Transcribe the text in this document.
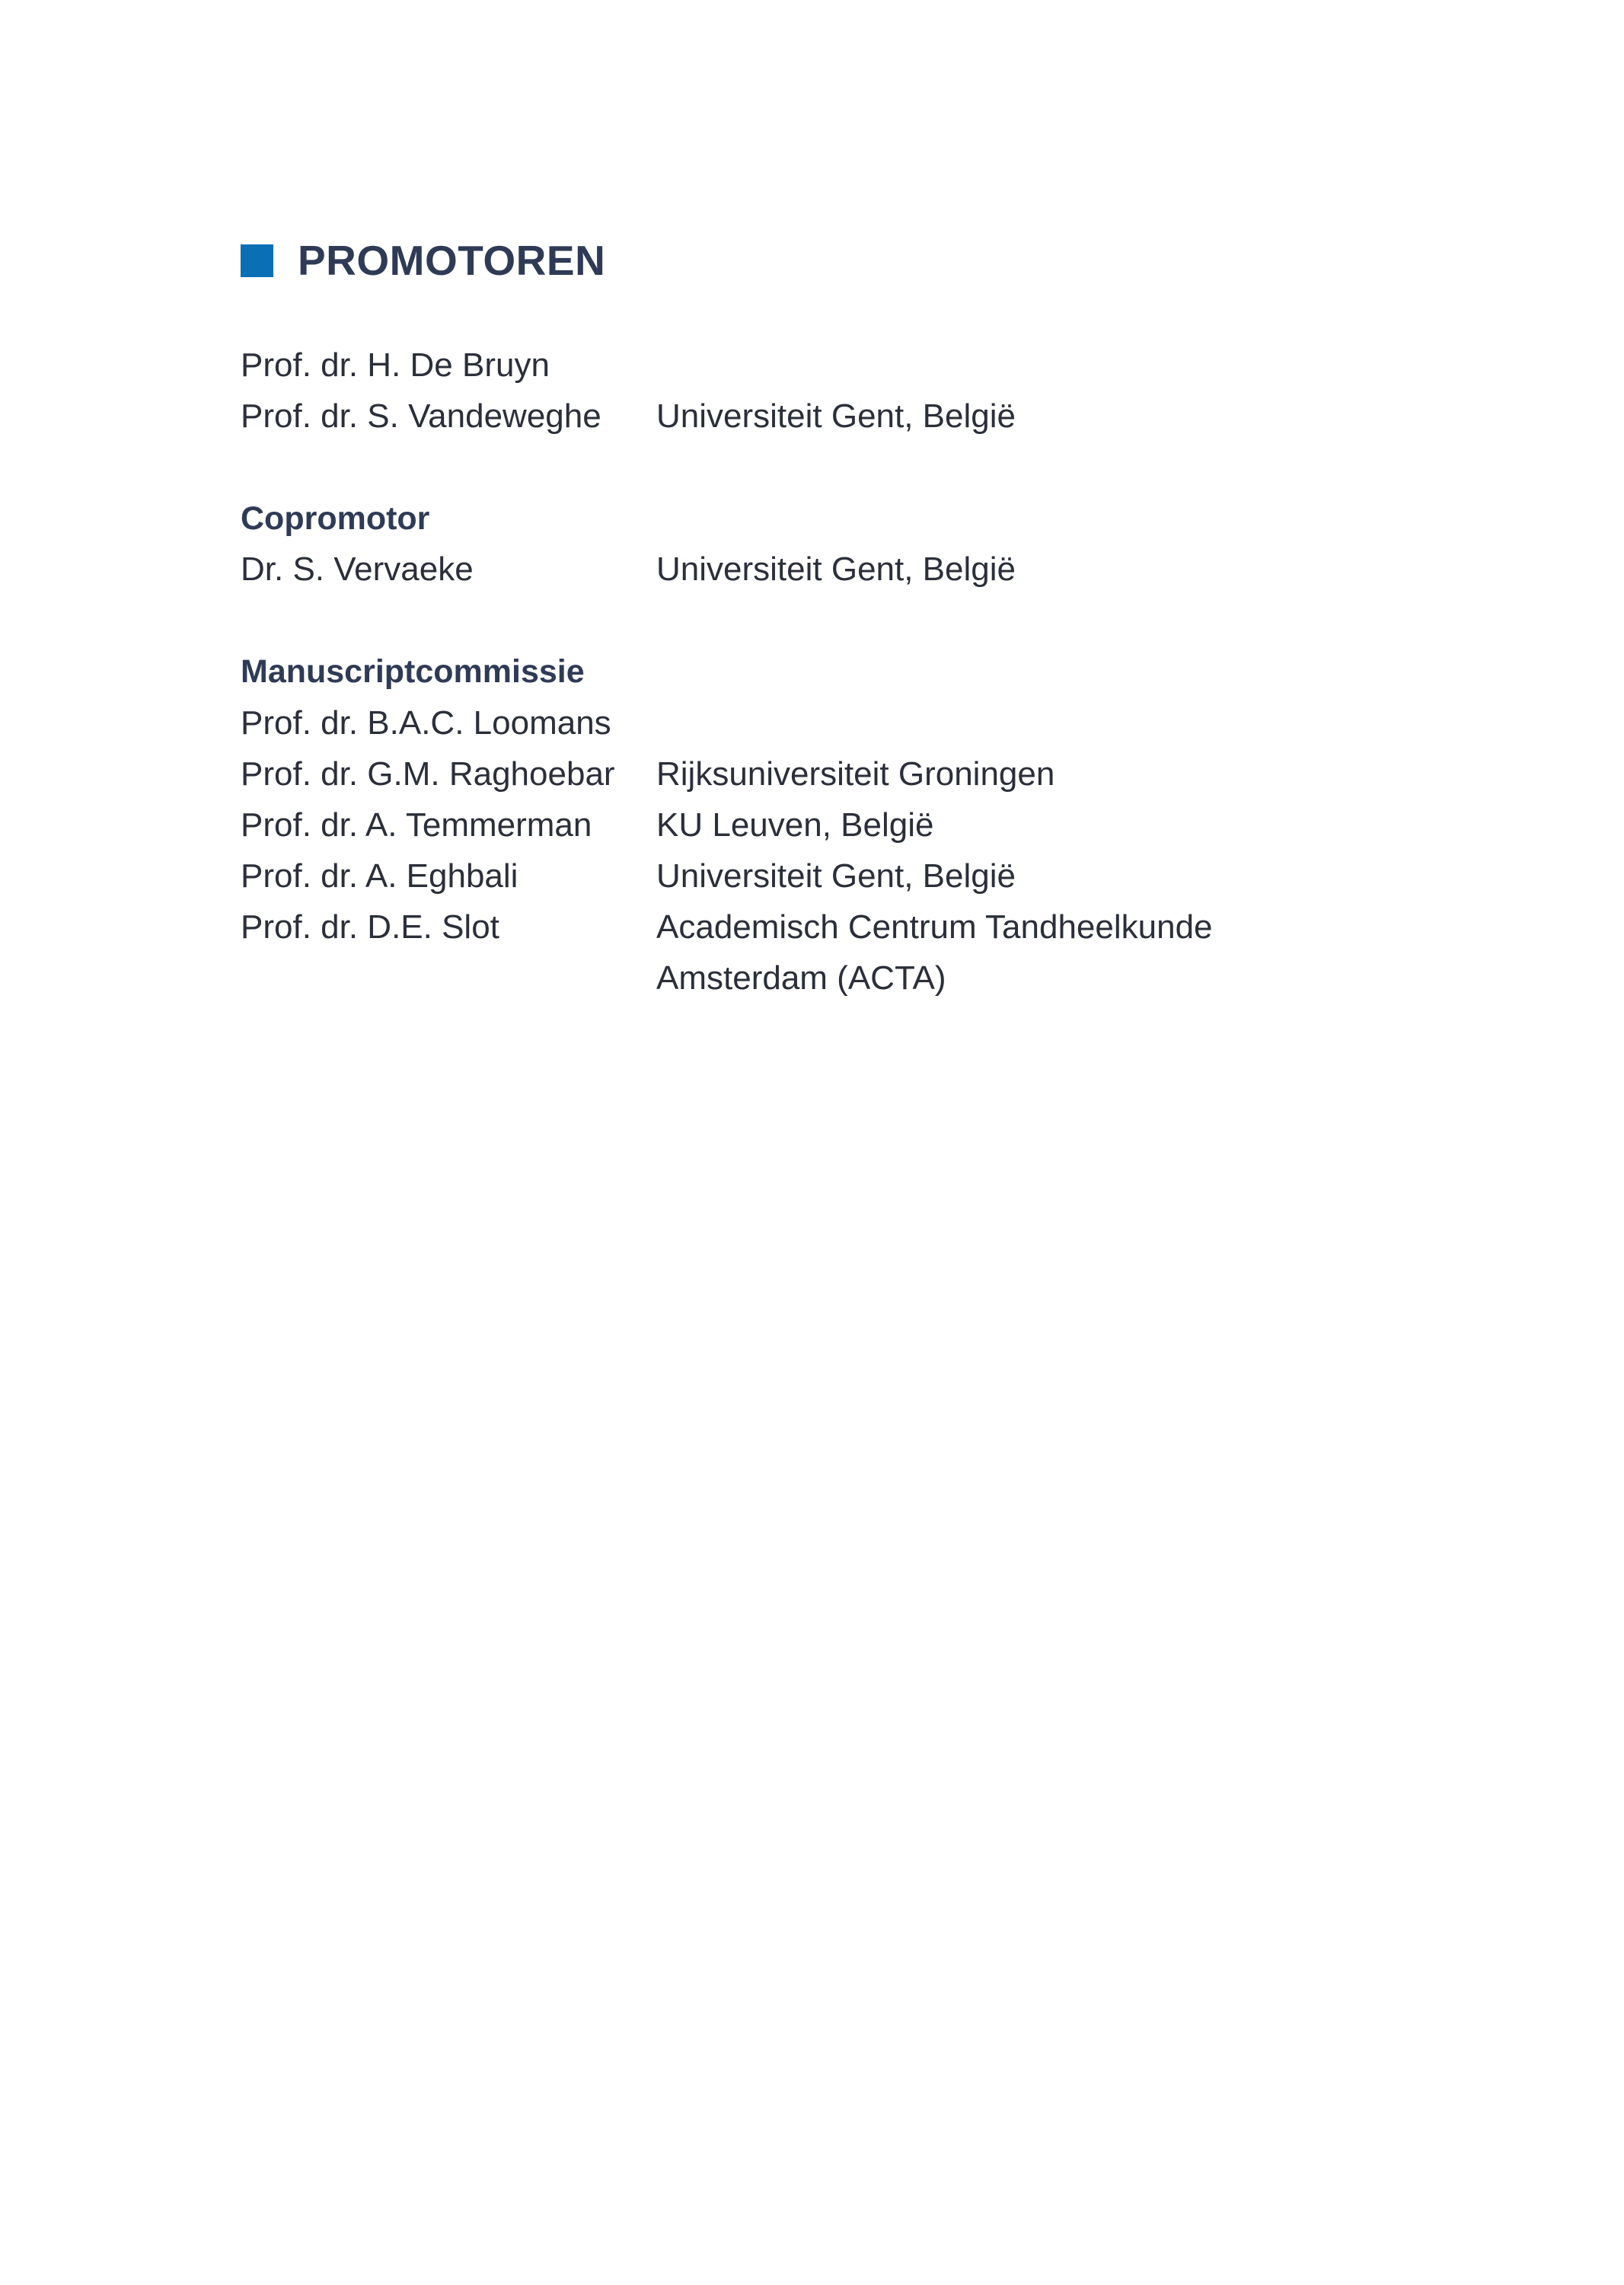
PROMOTOREN
Prof. dr. H. De Bruyn
Prof. dr. S. Vandeweghe Universiteit Gent, België
Copromotor
Dr. S. Vervaeke	Universiteit Gent, België
Manuscriptcommissie
Prof. dr. B.A.C. Loomans
Prof. dr. G.M. Raghoebar Rijksuniversiteit Groningen
Prof. dr. A. Temmerman KU Leuven, België
Prof. dr. A. Eghbali	Universiteit Gent, België
Prof. dr. D.E. Slot	Academisch Centrum Tandheelkunde
Amsterdam (ACTA)
